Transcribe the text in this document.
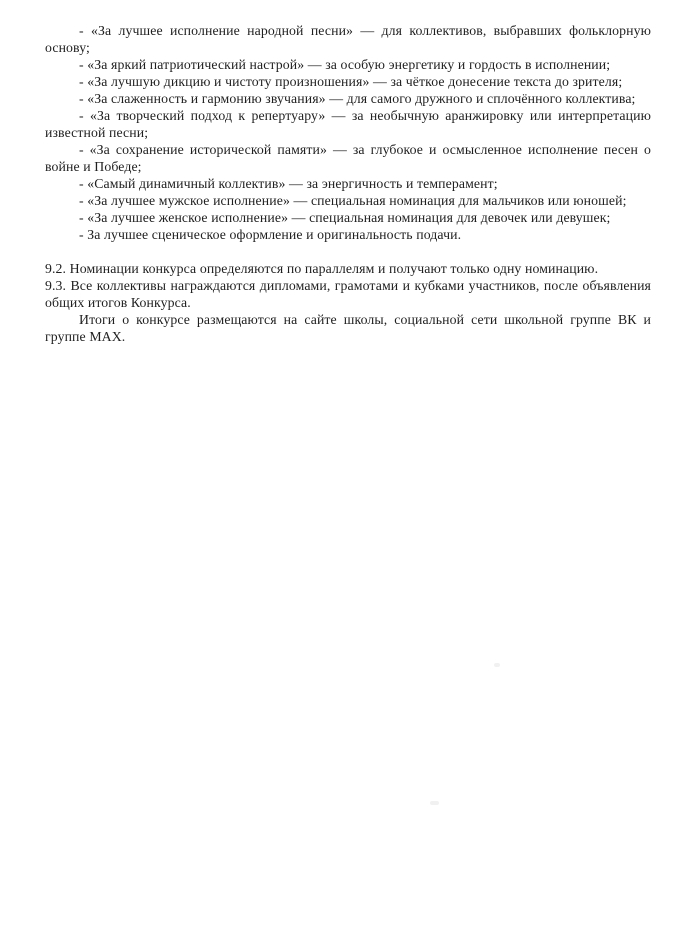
- «За лучшее исполнение народной песни» — для коллективов, выбравших фольклорную основу;

- «За яркий патриотический настрой» — за особую энергетику и гордость в исполнении;

- «За лучшую дикцию и чистоту произношения» — за чёткое донесение текста до зрителя;

- «За слаженность и гармонию звучания» — для самого дружного и сплочённого коллектива;

- «За творческий подход к репертуару» — за необычную аранжировку или интерпретацию известной песни;

- «За сохранение исторической памяти» — за глубокое и осмысленное исполнение песен о войне и Победе;

- «Самый динамичный коллектив» — за энергичность и темперамент;

- «За лучшее мужское исполнение» — специальная номинация для мальчиков или юношей;

- «За лучшее женское исполнение» — специальная номинация для девочек или девушек;

- За лучшее сценическое оформление и оригинальность подачи.

9.2. Номинации конкурса определяются по параллелям и получают только одну номинацию.

9.3. Все коллективы награждаются дипломами, грамотами и кубками участников, после объявления общих итогов Конкурса.

Итоги о конкурсе размещаются на сайте школы, социальной сети школьной группе ВК и группе МАХ.
